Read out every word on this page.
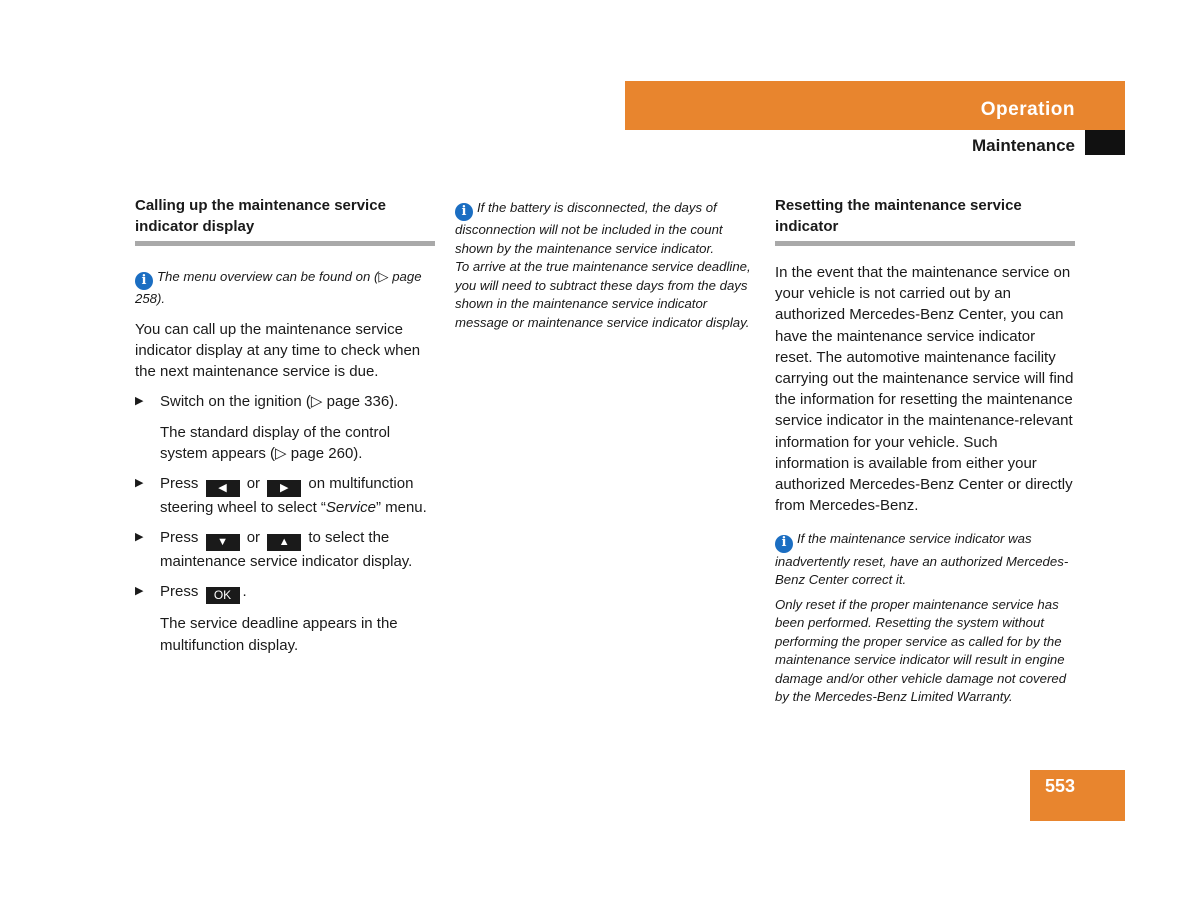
Operation
Maintenance

Calling up the maintenance service indicator display

i The menu overview can be found on (▷ page 258).

You can call up the maintenance service indicator display at any time to check when the next maintenance service is due.

▶ Switch on the ignition (▷ page 336).

The standard display of the control system appears (▷ page 260).

▶ Press ◀ or ▶ on multifunction steering wheel to select “Service” menu.
▶ Press ▼ or ▲ to select the maintenance service indicator display.
▶ Press OK .

The service deadline appears in the multifunction display.

i If the battery is disconnected, the days of disconnection will not be included in the count shown by the maintenance service indicator.

To arrive at the true maintenance service deadline, you will need to subtract these days from the days shown in the maintenance service indicator message or maintenance service indicator display.

Resetting the maintenance service indicator

In the event that the maintenance service on your vehicle is not carried out by an authorized Mercedes-Benz Center, you can have the maintenance service indicator reset. The automotive maintenance facility carrying out the maintenance service will find the information for resetting the maintenance service indicator in the maintenance-relevant information for your vehicle. Such information is available from either your authorized Mercedes-Benz Center or directly from Mercedes-Benz.

i If the maintenance service indicator was inadvertently reset, have an authorized Mercedes-Benz Center correct it.

Only reset if the proper maintenance service has been performed. Resetting the system without performing the proper service as called for by the maintenance service indicator will result in engine damage and/or other vehicle damage not covered by the Mercedes-Benz Limited Warranty.

553
